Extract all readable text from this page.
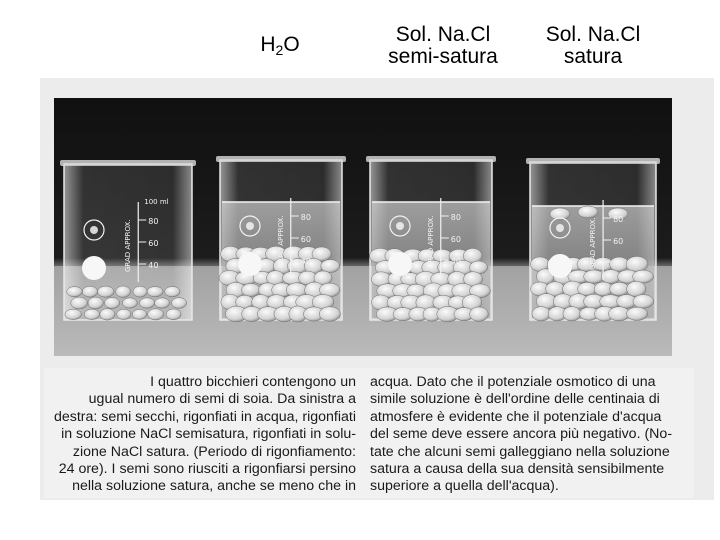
$H_2O$	Sol. Na.Cl
semi-satura
Sol. Na.Cl
satura
80
60
40
100 ml
GRAD APPROX.
80
60
40
GRAD APPROX.	80
60
40
GRAD APPROX.	80
60
40
GRAD APPROX.

I quattro bicchieri contengono un

ugual numero di semi di soia. Da sinistra a

destra: semi secchi, rigonfiati in acqua, rigonfiati

in soluzione NaCl semisatura, rigonfiati in solu-

zione NaCl satura. (Periodo di rigonfiamento:

24 ore). I semi sono riusciti a rigonfiarsi persino

nella soluzione satura, anche se meno che in

acqua. Dato che il potenziale osmotico di una

simile soluzione è dell'ordine delle centinaia di

atmosfere è evidente che il potenziale d'acqua

del seme deve essere ancora più negativo. (No-

tate che alcuni semi galleggiano nella soluzione

satura a causa della sua densità sensibilmente

superiore a quella dell'acqua).
